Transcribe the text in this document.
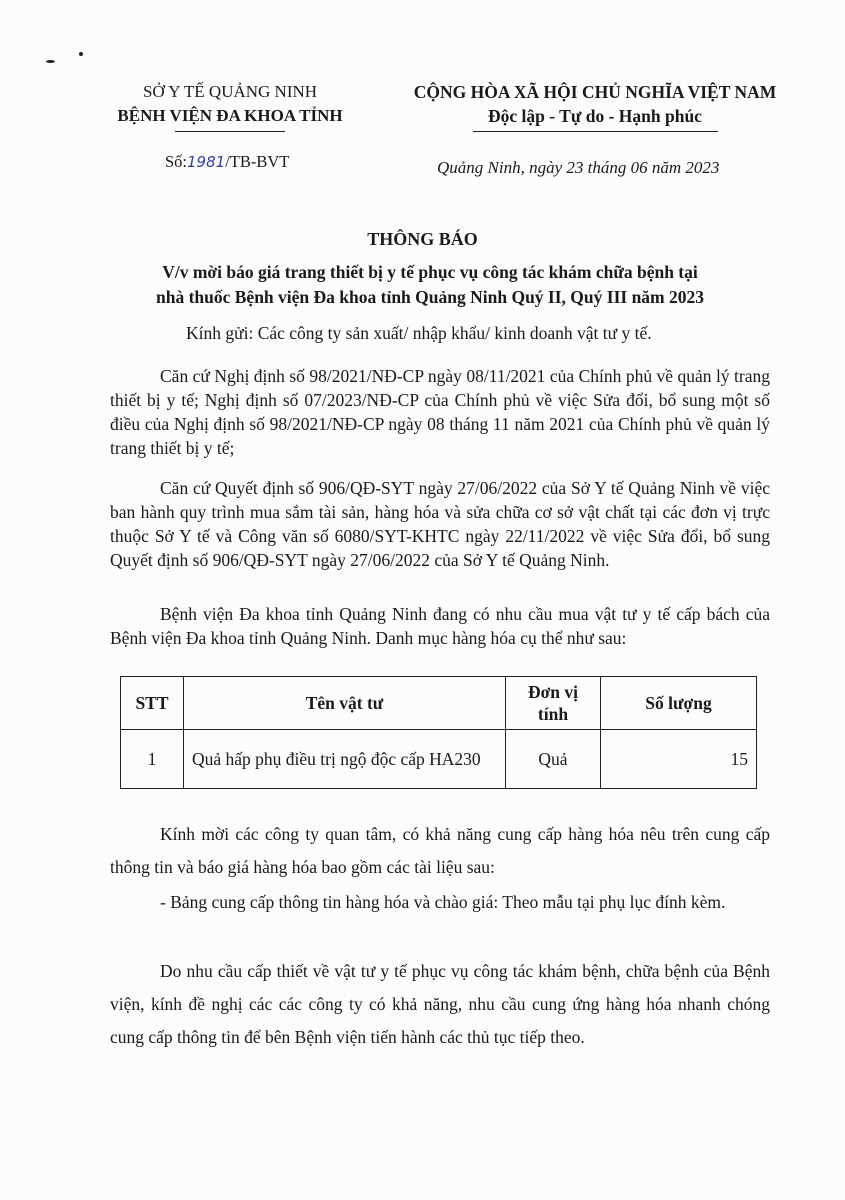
SỞ Y TẾ QUẢNG NINH
BỆNH VIỆN ĐA KHOA TỈNH
CỘNG HÒA XÃ HỘI CHỦ NGHĨA VIỆT NAM
Độc lập - Tự do - Hạnh phúc
Số:1981/TB-BVT	Quảng Ninh, ngày 23 tháng 06 năm 2023
THÔNG BÁO
V/v mời báo giá trang thiết bị y tế phục vụ công tác khám chữa bệnh tại
nhà thuốc Bệnh viện Đa khoa tỉnh Quảng Ninh Quý II, Quý III năm 2023
Kính gửi: Các công ty sản xuất/ nhập khẩu/ kinh doanh vật tư y tế.

Căn cứ Nghị định số 98/2021/NĐ-CP ngày 08/11/2021 của Chính phủ về quản lý trang thiết bị y tế; Nghị định số 07/2023/NĐ-CP của Chính phủ về việc Sửa đổi, bổ sung một số điều của Nghị định số 98/2021/NĐ-CP ngày 08 tháng 11 năm 2021 của Chính phủ về quản lý trang thiết bị y tế;

Căn cứ Quyết định số 906/QĐ-SYT ngày 27/06/2022 của Sở Y tế Quảng Ninh về việc ban hành quy trình mua sắm tài sản, hàng hóa và sửa chữa cơ sở vật chất tại các đơn vị trực thuộc Sở Y tế và Công văn số 6080/SYT-KHTC ngày 22/11/2022 về việc Sửa đổi, bổ sung Quyết định số 906/QĐ-SYT ngày 27/06/2022 của Sở Y tế Quảng Ninh.

Bệnh viện Đa khoa tỉnh Quảng Ninh đang có nhu cầu mua vật tư y tế cấp bách của Bệnh viện Đa khoa tỉnh Quảng Ninh. Danh mục hàng hóa cụ thể như sau:

STT	Tên vật tư	Đơn vị tính	Số lượng
1	Quả hấp phụ điều trị ngộ độc cấp HA230	Quả	15

Kính mời các công ty quan tâm, có khả năng cung cấp hàng hóa nêu trên cung cấp thông tin và báo giá hàng hóa bao gồm các tài liệu sau:

- Bảng cung cấp thông tin hàng hóa và chào giá: Theo mẫu tại phụ lục đính kèm.

Do nhu cầu cấp thiết về vật tư y tế phục vụ công tác khám bệnh, chữa bệnh của Bệnh viện, kính đề nghị các các công ty có khả năng, nhu cầu cung ứng hàng hóa nhanh chóng cung cấp thông tin để bên Bệnh viện tiến hành các thủ tục tiếp theo.
